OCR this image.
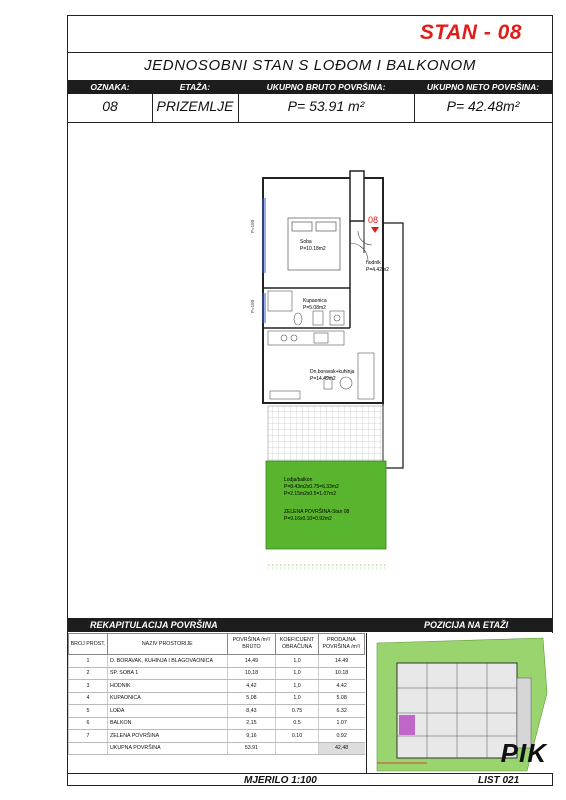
STAN - 08
JEDNOSOBNI STAN S LOĐOM I BALKONOM
OZNAKA:	ETAŽA:	UKUPNO BRUTO POVRŠINA:	UKUPNO NETO POVRŠINA:
08	PRIZEMLJE	P= 53.91 m²	P= 42.48m²
P=150
P=150
08
Soba
P=10.18m2
hodnik
P=4.42m2
Kupaonica
P=5.08m2
Dn.boravak+kuhinja
P=14.49m2
Lodja/balkon
P=8.43m2x0.75=6.33m2
P=2.15m2x0.5=1.07m2
ZELENA POVRŠINA-Stan 08
P=9.16x0.10=0.92m2
REKAPITULACIJA POVRŠINA	POZICIJA NA ETAŽI
BROJ PROST.	NAZIV PROSTORIJE	POVRŠINA /m²/ BRUTO	KOEFICIJENT OBRAČUNA	PRODAJNA POVRŠINA /m²/
1	D. BORAVAK, KUHINJA I BLAGOVAONICA	14,49	1,0	14.49
2	SP. SOBA 1	10,18	1,0	10.18
3	HODNIK	4,42	1,0	4.42
4	KUPAONICA	5,08	1,0	5.08
5	LOĐA	8,43	0.75	6.32
6	BALKON	2,15	0.5	1.07
7	ZELENA POVRŠINA	9,16	0.10	0.92
	UKUPNA POVRŠINA	53.91		42,48	PIK
MJERILO 1:100	LIST 021
